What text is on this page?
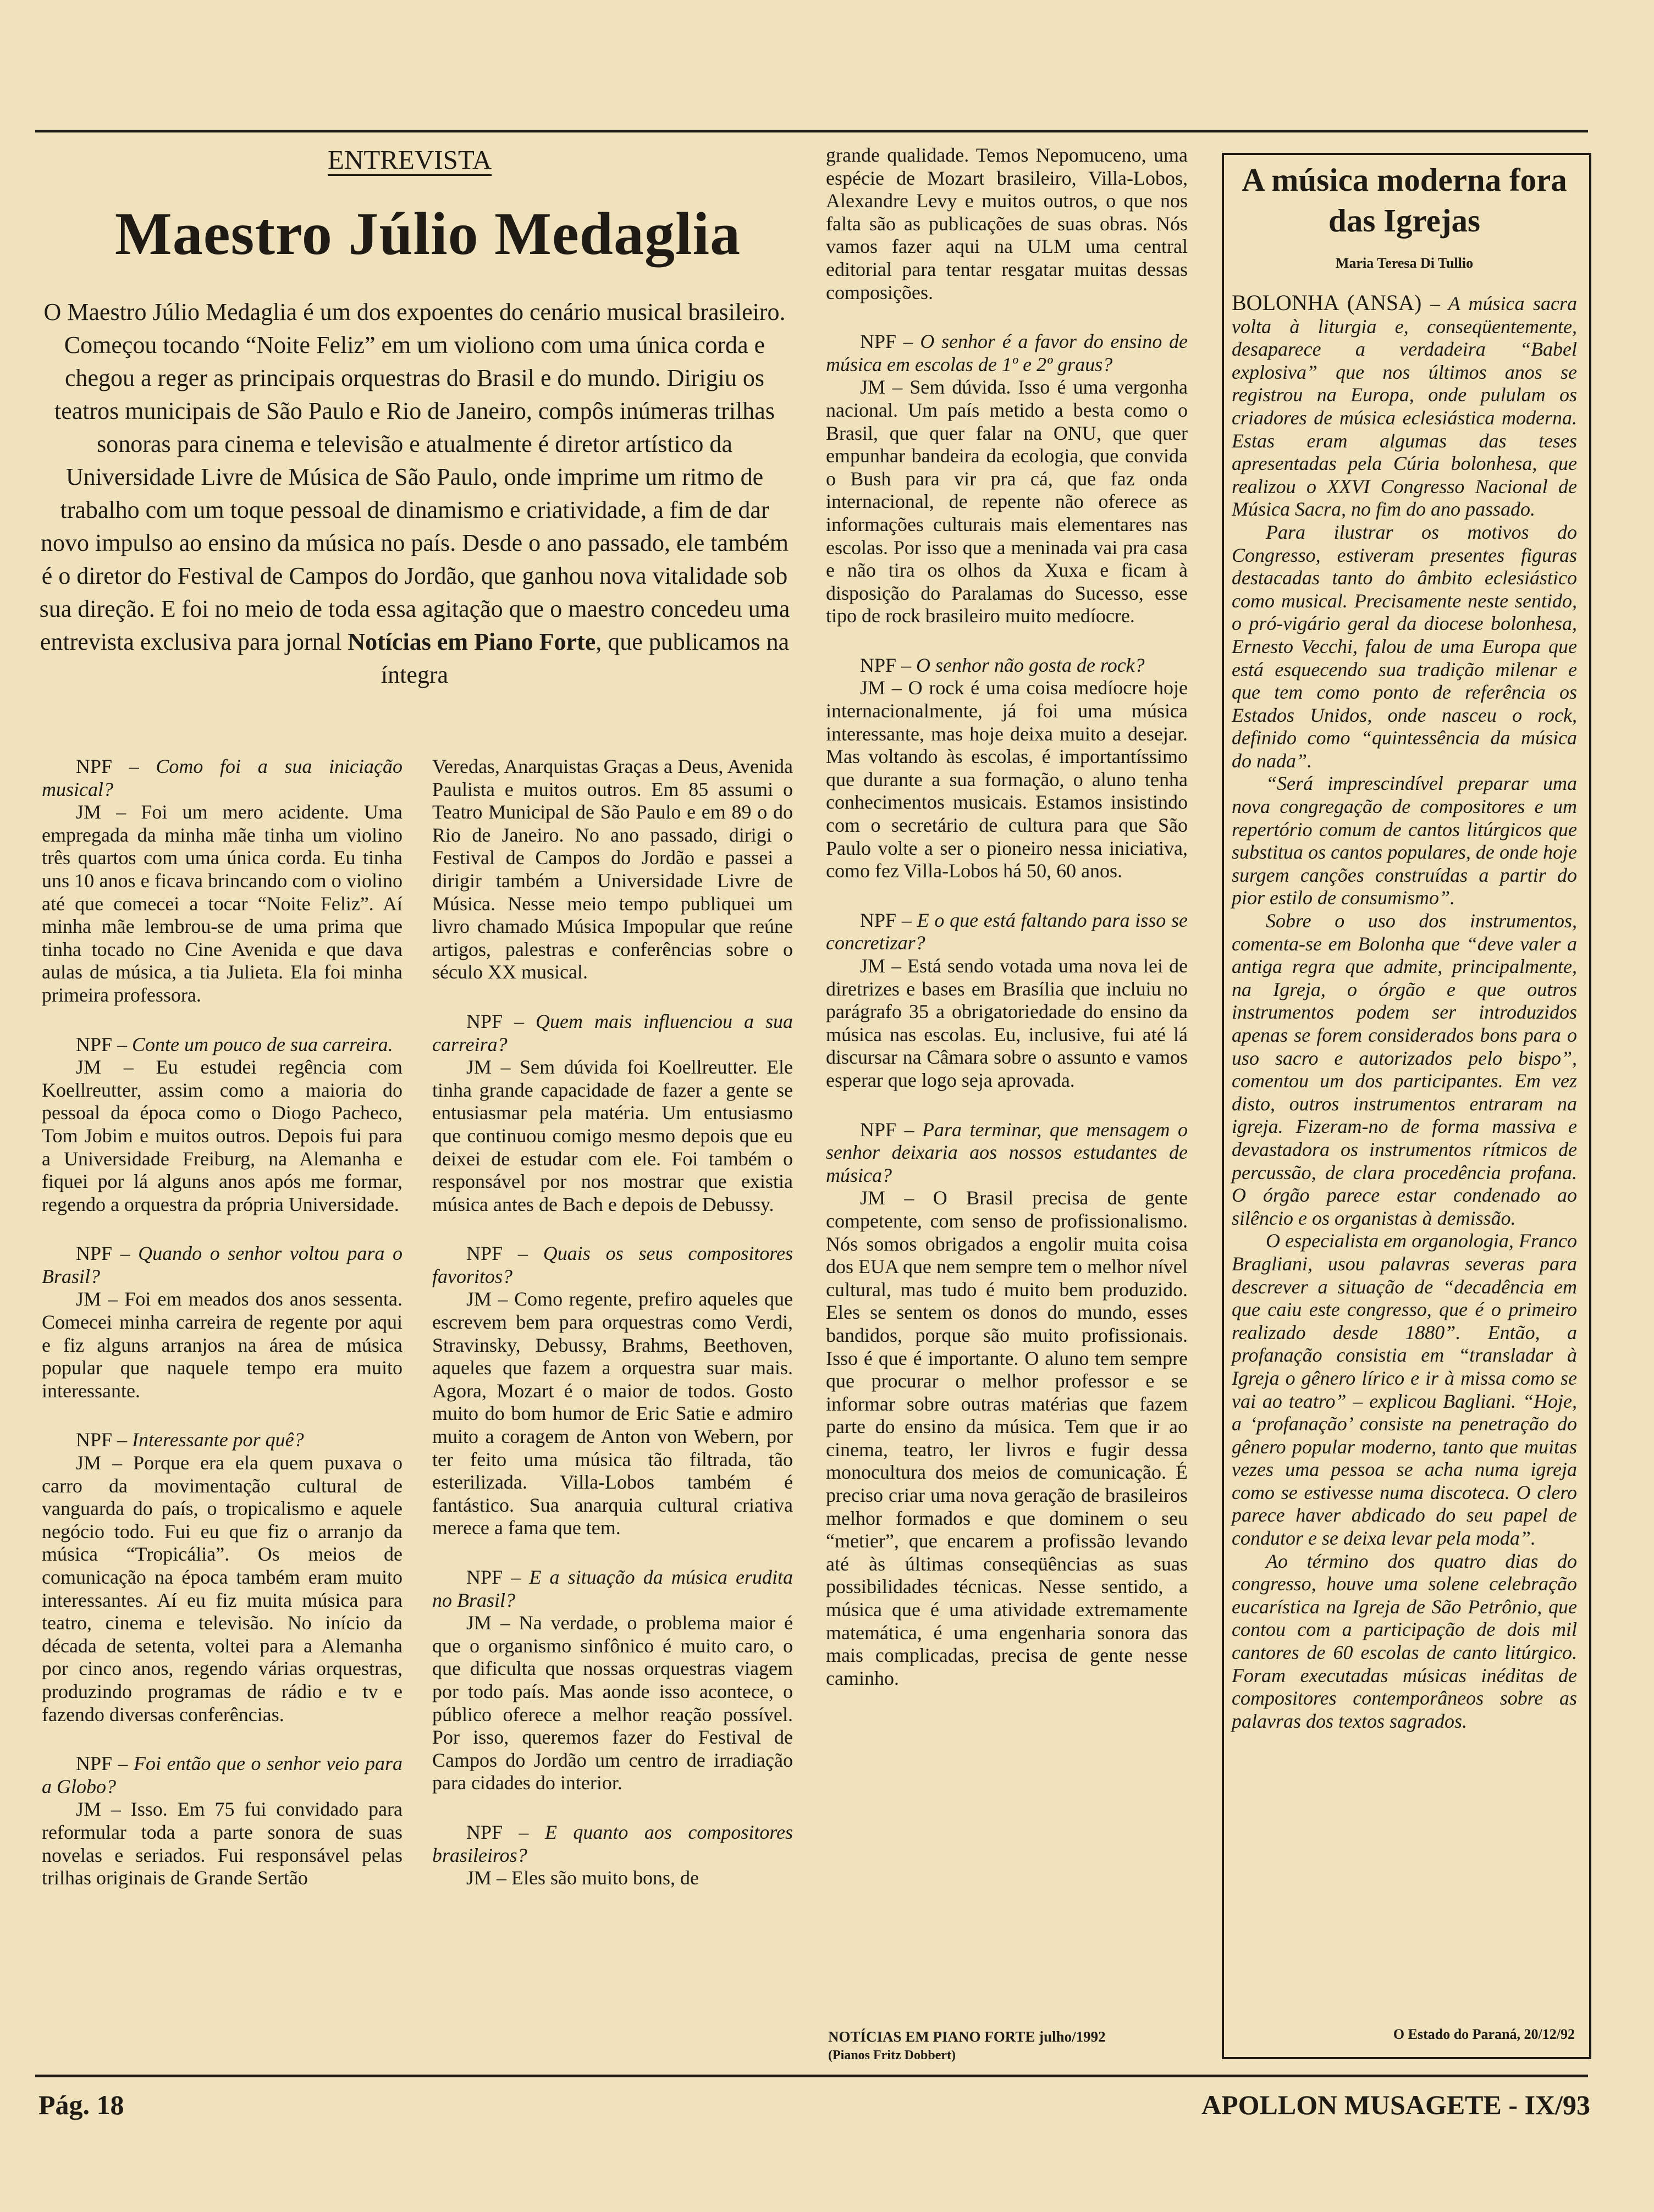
ENTREVISTA
Maestro Júlio Medaglia
O Maestro Júlio Medaglia é um dos expoentes do cenário musical brasileiro. Começou tocando “Noite Feliz” em um violiono com uma única corda e chegou a reger as principais orquestras do Brasil e do mundo. Dirigiu os teatros municipais de São Paulo e Rio de Janeiro, compôs inúmeras trilhas sonoras para cinema e televisão e atualmente é diretor artístico da Universidade Livre de Música de São Paulo, onde imprime um ritmo de trabalho com um toque pessoal de dinamismo e criatividade, a fim de dar novo impulso ao ensino da música no país. Desde o ano passado, ele também é o diretor do Festival de Campos do Jordão, que ganhou nova vitalidade sob sua direção. E foi no meio de toda essa agitação que o maestro concedeu uma entrevista exclusiva para jornal Notícias em Piano Forte, que publicamos na íntegra

NPF – Como foi a sua iniciação musical?

JM – Foi um mero acidente. Uma empregada da minha mãe tinha um violino três quartos com uma única corda. Eu tinha uns 10 anos e ficava brincando com o violino até que comecei a tocar “Noite Feliz”. Aí minha mãe lembrou-se de uma prima que tinha tocado no Cine Avenida e que dava aulas de música, a tia Julieta. Ela foi minha primeira professora.

NPF – Conte um pouco de sua carreira.

JM – Eu estudei regência com Koellreutter, assim como a maioria do pessoal da época como o Diogo Pacheco, Tom Jobim e muitos outros. Depois fui para a Universidade Freiburg, na Alemanha e fiquei por lá alguns anos após me formar, regendo a orquestra da própria Universidade.

NPF – Quando o senhor voltou para o Brasil?

JM – Foi em meados dos anos sessenta. Comecei minha carreira de regente por aqui e fiz alguns arranjos na área de música popular que naquele tempo era muito interessante.

NPF – Interessante por quê?

JM – Porque era ela quem puxava o carro da movimentação cultural de vanguarda do país, o tropicalismo e aquele negócio todo. Fui eu que fiz o arranjo da música “Tropicália”. Os meios de comunicação na época também eram muito interessantes. Aí eu fiz muita música para teatro, cinema e televisão. No início da década de setenta, voltei para a Alemanha por cinco anos, regendo várias orquestras, produzindo programas de rádio e tv e fazendo diversas conferências.

NPF – Foi então que o senhor veio para a Globo?

JM – Isso. Em 75 fui convidado para reformular toda a parte sonora de suas novelas e seriados. Fui responsável pelas trilhas originais de Grande Sertão

Veredas, Anarquistas Graças a Deus, Avenida Paulista e muitos outros. Em 85 assumi o Teatro Municipal de São Paulo e em 89 o do Rio de Janeiro. No ano passado, dirigi o Festival de Campos do Jordão e passei a dirigir também a Universidade Livre de Música. Nesse meio tempo publiquei um livro chamado Música Impopular que reúne artigos, palestras e conferências sobre o século XX musical.

NPF – Quem mais influenciou a sua carreira?

JM – Sem dúvida foi Koellreutter. Ele tinha grande capacidade de fazer a gente se entusiasmar pela matéria. Um entusiasmo que continuou comigo mesmo depois que eu deixei de estudar com ele. Foi também o responsável por nos mostrar que existia música antes de Bach e depois de Debussy.

NPF – Quais os seus compositores favoritos?

JM – Como regente, prefiro aqueles que escrevem bem para orquestras como Verdi, Stravinsky, Debussy, Brahms, Beethoven, aqueles que fazem a orquestra suar mais. Agora, Mozart é o maior de todos. Gosto muito do bom humor de Eric Satie e admiro muito a coragem de Anton von Webern, por ter feito uma música tão filtrada, tão esterilizada. Villa-Lobos também é fantástico. Sua anarquia cultural criativa merece a fama que tem.

NPF – E a situação da música erudita no Brasil?

JM – Na verdade, o problema maior é que o organismo sinfônico é muito caro, o que dificulta que nossas orquestras viagem por todo país. Mas aonde isso acontece, o público oferece a melhor reação possível. Por isso, queremos fazer do Festival de Campos do Jordão um centro de irradiação para cidades do interior.

NPF – E quanto aos compositores brasileiros?

JM – Eles são muito bons, de

grande qualidade. Temos Nepomuceno, uma espécie de Mozart brasileiro, Villa-Lobos, Alexandre Levy e muitos outros, o que nos falta são as publicações de suas obras. Nós vamos fazer aqui na ULM uma central editorial para tentar resgatar muitas dessas composições.

NPF – O senhor é a favor do ensino de música em escolas de 1º e 2º graus?

JM – Sem dúvida. Isso é uma vergonha nacional. Um país metido a besta como o Brasil, que quer falar na ONU, que quer empunhar bandeira da ecologia, que convida o Bush para vir pra cá, que faz onda internacional, de repente não oferece as informações culturais mais elementares nas escolas. Por isso que a meninada vai pra casa e não tira os olhos da Xuxa e ficam à disposição do Paralamas do Sucesso, esse tipo de rock brasileiro muito medíocre.

NPF – O senhor não gosta de rock?

JM – O rock é uma coisa medíocre hoje internacionalmente, já foi uma música interessante, mas hoje deixa muito a desejar. Mas voltando às escolas, é importantíssimo que durante a sua formação, o aluno tenha conhecimentos musicais. Estamos insistindo com o secretário de cultura para que São Paulo volte a ser o pioneiro nessa iniciativa, como fez Villa-Lobos há 50, 60 anos.

NPF – E o que está faltando para isso se concretizar?

JM – Está sendo votada uma nova lei de diretrizes e bases em Brasília que incluiu no parágrafo 35 a obrigatoriedade do ensino da música nas escolas. Eu, inclusive, fui até lá discursar na Câmara sobre o assunto e vamos esperar que logo seja aprovada.

NPF – Para terminar, que mensagem o senhor deixaria aos nossos estudantes de música?

JM – O Brasil precisa de gente competente, com senso de profissionalismo. Nós somos obrigados a engolir muita coisa dos EUA que nem sempre tem o melhor nível cultural, mas tudo é muito bem produzido. Eles se sentem os donos do mundo, esses bandidos, porque são muito profissionais. Isso é que é importante. O aluno tem sempre que procurar o melhor professor e se informar sobre outras matérias que fazem parte do ensino da música. Tem que ir ao cinema, teatro, ler livros e fugir dessa monocultura dos meios de comunicação. É preciso criar uma nova geração de brasileiros melhor formados e que dominem o seu “metier”, que encarem a profissão levando até às últimas conseqüências as suas possibilidades técnicas. Nesse sentido, a música que é uma atividade extremamente matemática, é uma engenharia sonora das mais complicadas, precisa de gente nesse caminho.

NOTÍCIAS EM PIANO FORTE julho/1992
(Pianos Fritz Dobbert)
A música moderna fora das Igrejas
Maria Teresa Di Tullio

BOLONHA (ANSA) – A música sacra volta à liturgia e, conseqüentemente, desaparece a verdadeira “Babel explosiva” que nos últimos anos se registrou na Europa, onde pululam os criadores de música eclesiástica moderna. Estas eram algumas das teses apresentadas pela Cúria bolonhesa, que realizou o XXVI Congresso Nacional de Música Sacra, no fim do ano passado.

Para ilustrar os motivos do Congresso, estiveram presentes figuras destacadas tanto do âmbito eclesiástico como musical. Precisamente neste sentido, o pró-vigário geral da diocese bolonhesa, Ernesto Vecchi, falou de uma Europa que está esquecendo sua tradição milenar e que tem como ponto de referência os Estados Unidos, onde nasceu o rock, definido como “quintessência da música do nada”.

“Será imprescindível preparar uma nova congregação de compositores e um repertório comum de cantos litúrgicos que substitua os cantos populares, de onde hoje surgem canções construídas a partir do pior estilo de consumismo”.

Sobre o uso dos instrumentos, comenta-se em Bolonha que “deve valer a antiga regra que admite, principalmente, na Igreja, o órgão e que outros instrumentos podem ser introduzidos apenas se forem considerados bons para o uso sacro e autorizados pelo bispo”, comentou um dos participantes. Em vez disto, outros instrumentos entraram na igreja. Fizeram-no de forma massiva e devastadora os instrumentos rítmicos de percussão, de clara procedência profana. O órgão parece estar condenado ao silêncio e os organistas à demissão.

O especialista em organologia, Franco Bragliani, usou palavras severas para descrever a situação de “decadência em que caiu este congresso, que é o primeiro realizado desde 1880”. Então, a profanação consistia em “transladar à Igreja o gênero lírico e ir à missa como se vai ao teatro” – explicou Bagliani. “Hoje, a ‘profanação’ consiste na penetração do gênero popular moderno, tanto que muitas vezes uma pessoa se acha numa igreja como se estivesse numa discoteca. O clero parece haver abdicado do seu papel de condutor e se deixa levar pela moda”.

Ao término dos quatro dias do congresso, houve uma solene celebração eucarística na Igreja de São Petrônio, que contou com a participação de dois mil cantores de 60 escolas de canto litúrgico. Foram executadas músicas inéditas de compositores contemporâneos sobre as palavras dos textos sagrados.

O Estado do Paraná, 20/12/92
Pág. 18	APOLLON MUSAGETE - IX/93
